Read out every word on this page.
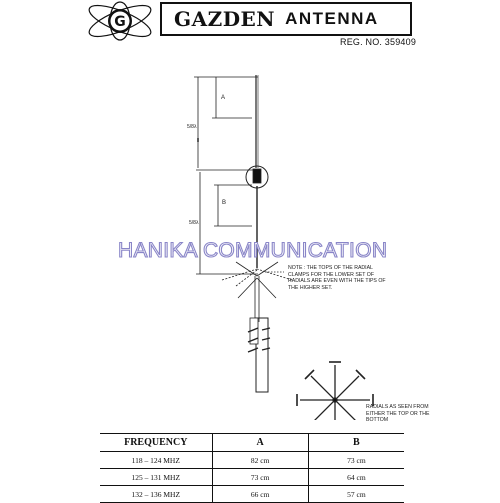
G GAZDEN ANTENNA
REG. NO. 359409
A
B
5/8λ
5/8λ
NOTE : THE TOPS OF THE RADIAL CLAMPS FOR THE LOWER SET OF RADIALS ARE EVEN WITH THE TIPS OF THE HIGHER SET.
RADIALS AS SEEN FROM EITHER THE TOP OR THE BOTTOM
HANIKA COMMUNICATION
FREQUENCY	A	B
118 – 124 MHZ	82 cm	73 cm
125 – 131 MHZ	73 cm	64 cm
132 – 136 MHZ	66 cm	57 cm
